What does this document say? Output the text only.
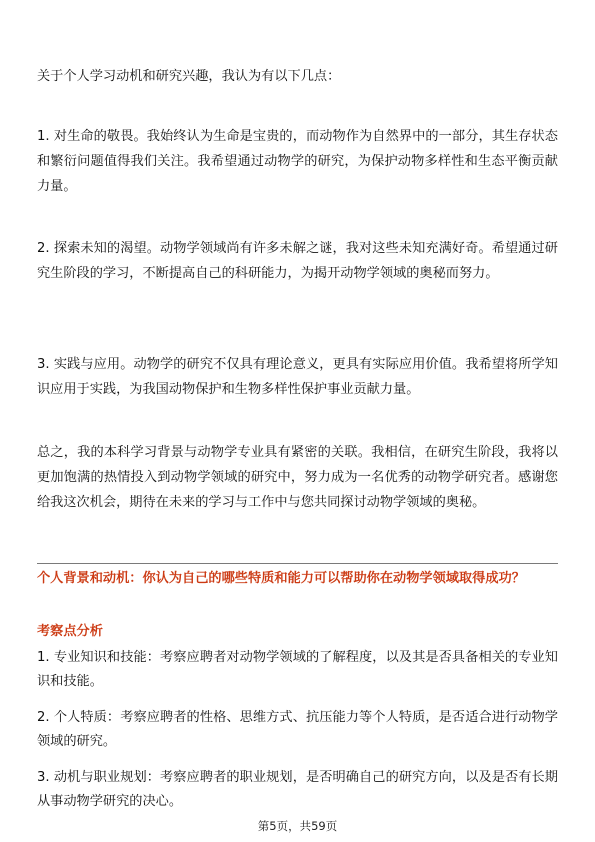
关于个人学习动机和研究兴趣，我认为有以下几点：

1. 对生命的敬畏。我始终认为生命是宝贵的，而动物作为自然界中的一部分，其生存状态和繁衍问题值得我们关注。我希望通过动物学的研究，为保护动物多样性和生态平衡贡献力量。

2. 探索未知的渴望。动物学领域尚有许多未解之谜，我对这些未知充满好奇。希望通过研究生阶段的学习，不断提高自己的科研能力，为揭开动物学领域的奥秘而努力。

3. 实践与应用。动物学的研究不仅具有理论意义，更具有实际应用价值。我希望将所学知识应用于实践，为我国动物保护和生物多样性保护事业贡献力量。

总之，我的本科学习背景与动物学专业具有紧密的关联。我相信，在研究生阶段，我将以更加饱满的热情投入到动物学领域的研究中，努力成为一名优秀的动物学研究者。感谢您给我这次机会，期待在未来的学习与工作中与您共同探讨动物学领域的奥秘。

个人背景和动机：你认为自己的哪些特质和能力可以帮助你在动物学领域取得成功？

考察点分析

1. 专业知识和技能：考察应聘者对动物学领域的了解程度，以及其是否具备相关的专业知识和技能。

2. 个人特质：考察应聘者的性格、思维方式、抗压能力等个人特质，是否适合进行动物学领域的研究。

3. 动机与职业规划：考察应聘者的职业规划，是否明确自己的研究方向，以及是否有长期从事动物学研究的决心。

第5页，共59页
